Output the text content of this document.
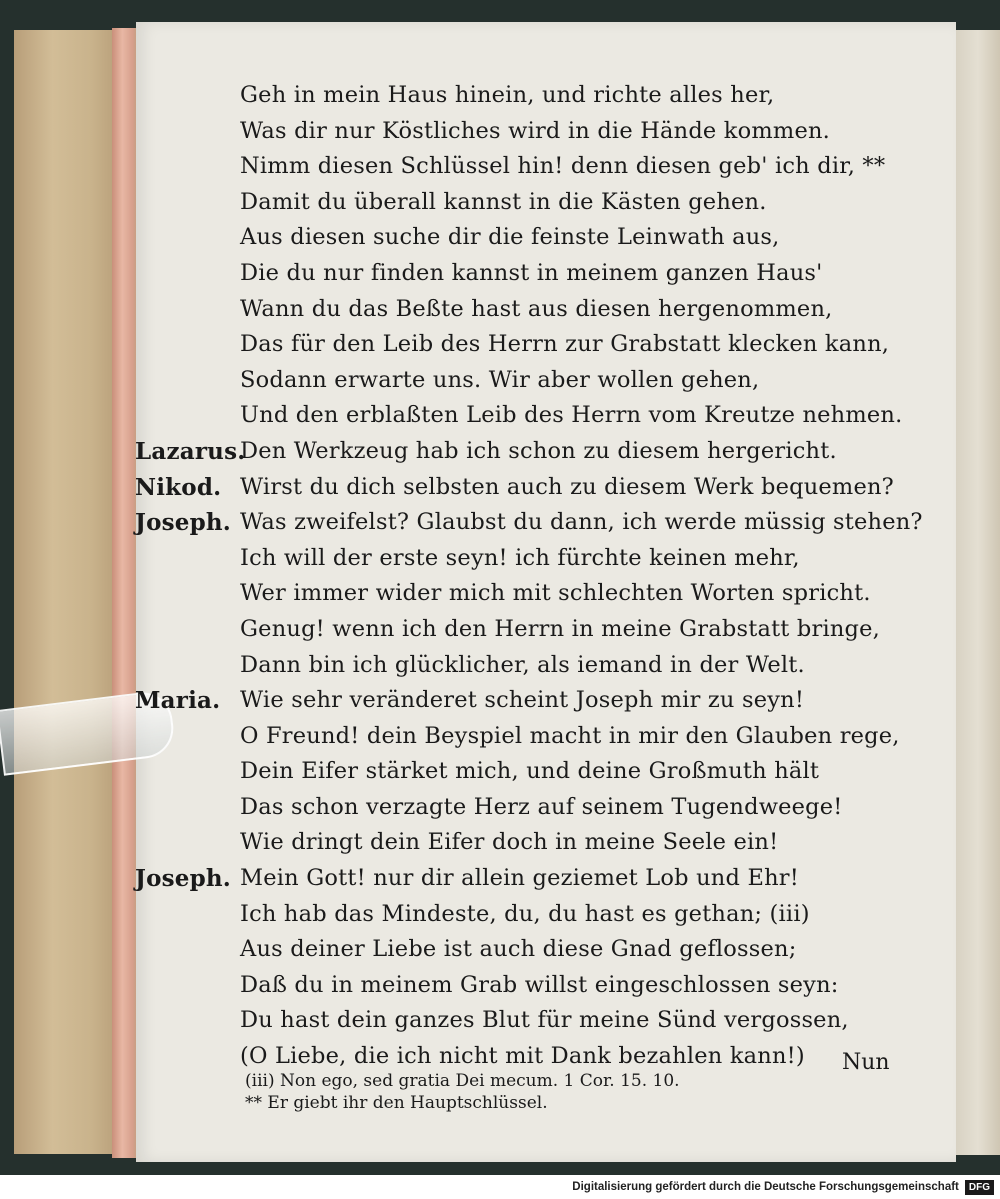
Geh in mein Haus hinein, und richte alles her,
Was dir nur Köstliches wird in die Hände kommen.
Nimm diesen Schlüssel hin! denn diesen geb' ich dir, **
Damit du überall kannst in die Kästen gehen.
Aus diesen suche dir die feinste Leinwath aus,
Die du nur finden kannst in meinem ganzen Haus'
Wann du das Beßte hast aus diesen hergenommen,
Das für den Leib des Herrn zur Grabstatt klecken kann,
Sodann erwarte uns. Wir aber wollen gehen,
Und den erblaßten Leib des Herrn vom Kreutze nehmen.
Lazarus.
Den Werkzeug hab ich schon zu diesem hergericht.
Nikod. Wirst du dich selbsten auch zu diesem Werk bequemen?
Joseph. Was zweifelst? Glaubst du dann, ich werde müssig stehen?
Ich will der erste seyn! ich fürchte keinen mehr,
Wer immer wider mich mit schlechten Worten spricht.
Genug! wenn ich den Herrn in meine Grabstatt bringe,
Dann bin ich glücklicher, als iemand in der Welt.
Maria. Wie sehr veränderet scheint Joseph mir zu seyn!
O Freund! dein Beyspiel macht in mir den Glauben rege,
Dein Eifer stärket mich, und deine Großmuth hält
Das schon verzagte Herz auf seinem Tugendweege!
Wie dringt dein Eifer doch in meine Seele ein!
Joseph. Mein Gott! nur dir allein geziemet Lob und Ehr!
Ich hab das Mindeste, du, du hast es gethan; (iii)
Aus deiner Liebe ist auch diese Gnad geflossen;
Daß du in meinem Grab willst eingeschlossen seyn:
Du hast dein ganzes Blut für meine Sünd vergossen,
(O Liebe, die ich nicht mit Dank bezahlen kann!) Nun
(iii) Non ego, sed gratia Dei mecum. 1 Cor. 15. 10.
** Er giebt ihr den Hauptschlüssel.
Digitalisierung gefördert durch die Deutsche Forschungsgemeinschaft	DFG
